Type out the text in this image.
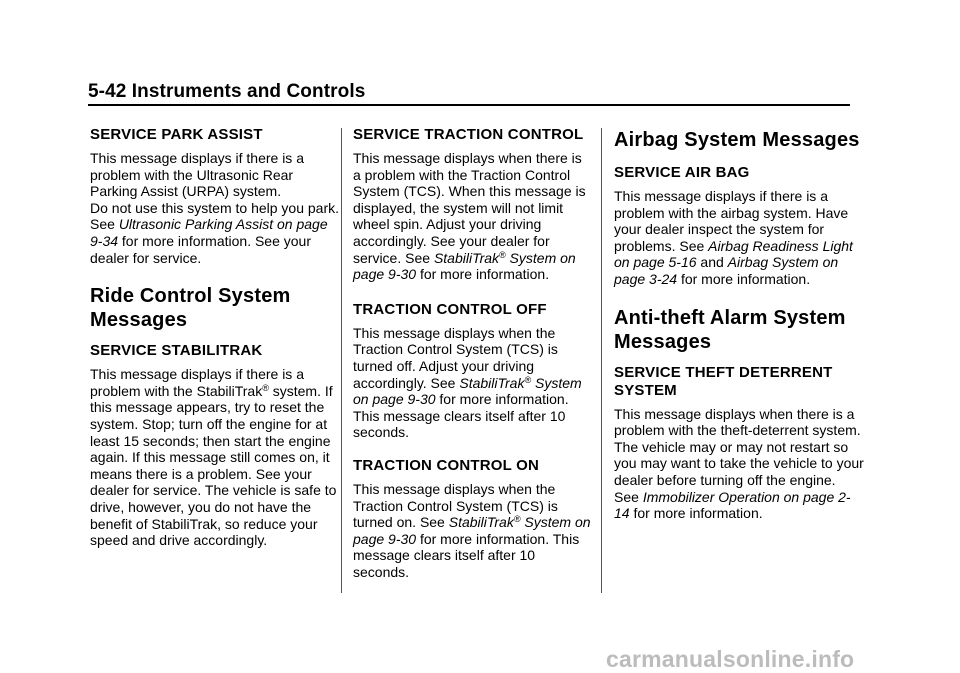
5-42 Instruments and Controls
SERVICE PARK ASSIST

This message displays if there is a problem with the Ultrasonic Rear Parking Assist (URPA) system.

Do not use this system to help you park. See Ultrasonic Parking Assist on page 9-34 for more information. See your dealer for service.

Ride Control System Messages
SERVICE STABILITRAK

This message displays if there is a problem with the StabiliTrak® system. If this message appears, try to reset the system. Stop; turn off the engine for at least 15 seconds; then start the engine again. If this message still comes on, it means there is a problem. See your dealer for service. The vehicle is safe to drive, however, you do not have the benefit of StabiliTrak, so reduce your speed and drive accordingly.

SERVICE TRACTION CONTROL

This message displays when there is a problem with the Traction Control System (TCS). When this message is displayed, the system will not limit wheel spin. Adjust your driving accordingly. See your dealer for service. See StabiliTrak® System on page 9-30 for more information.

TRACTION CONTROL OFF

This message displays when the Traction Control System (TCS) is turned off. Adjust your driving accordingly. See StabiliTrak® System on page 9-30 for more information. This message clears itself after 10 seconds.

TRACTION CONTROL ON

This message displays when the Traction Control System (TCS) is turned on. See StabiliTrak® System on page 9-30 for more information. This message clears itself after 10 seconds.

Airbag System Messages
SERVICE AIR BAG

This message displays if there is a problem with the airbag system. Have your dealer inspect the system for problems. See Airbag Readiness Light on page 5-16 and Airbag System on page 3-24 for more information.

Anti-theft Alarm System Messages
SERVICE THEFT DETERRENT SYSTEM

This message displays when there is a problem with the theft-deterrent system. The vehicle may or may not restart so you may want to take the vehicle to your dealer before turning off the engine. See Immobilizer Operation on page 2-14 for more information.

carmanualsonline.info
